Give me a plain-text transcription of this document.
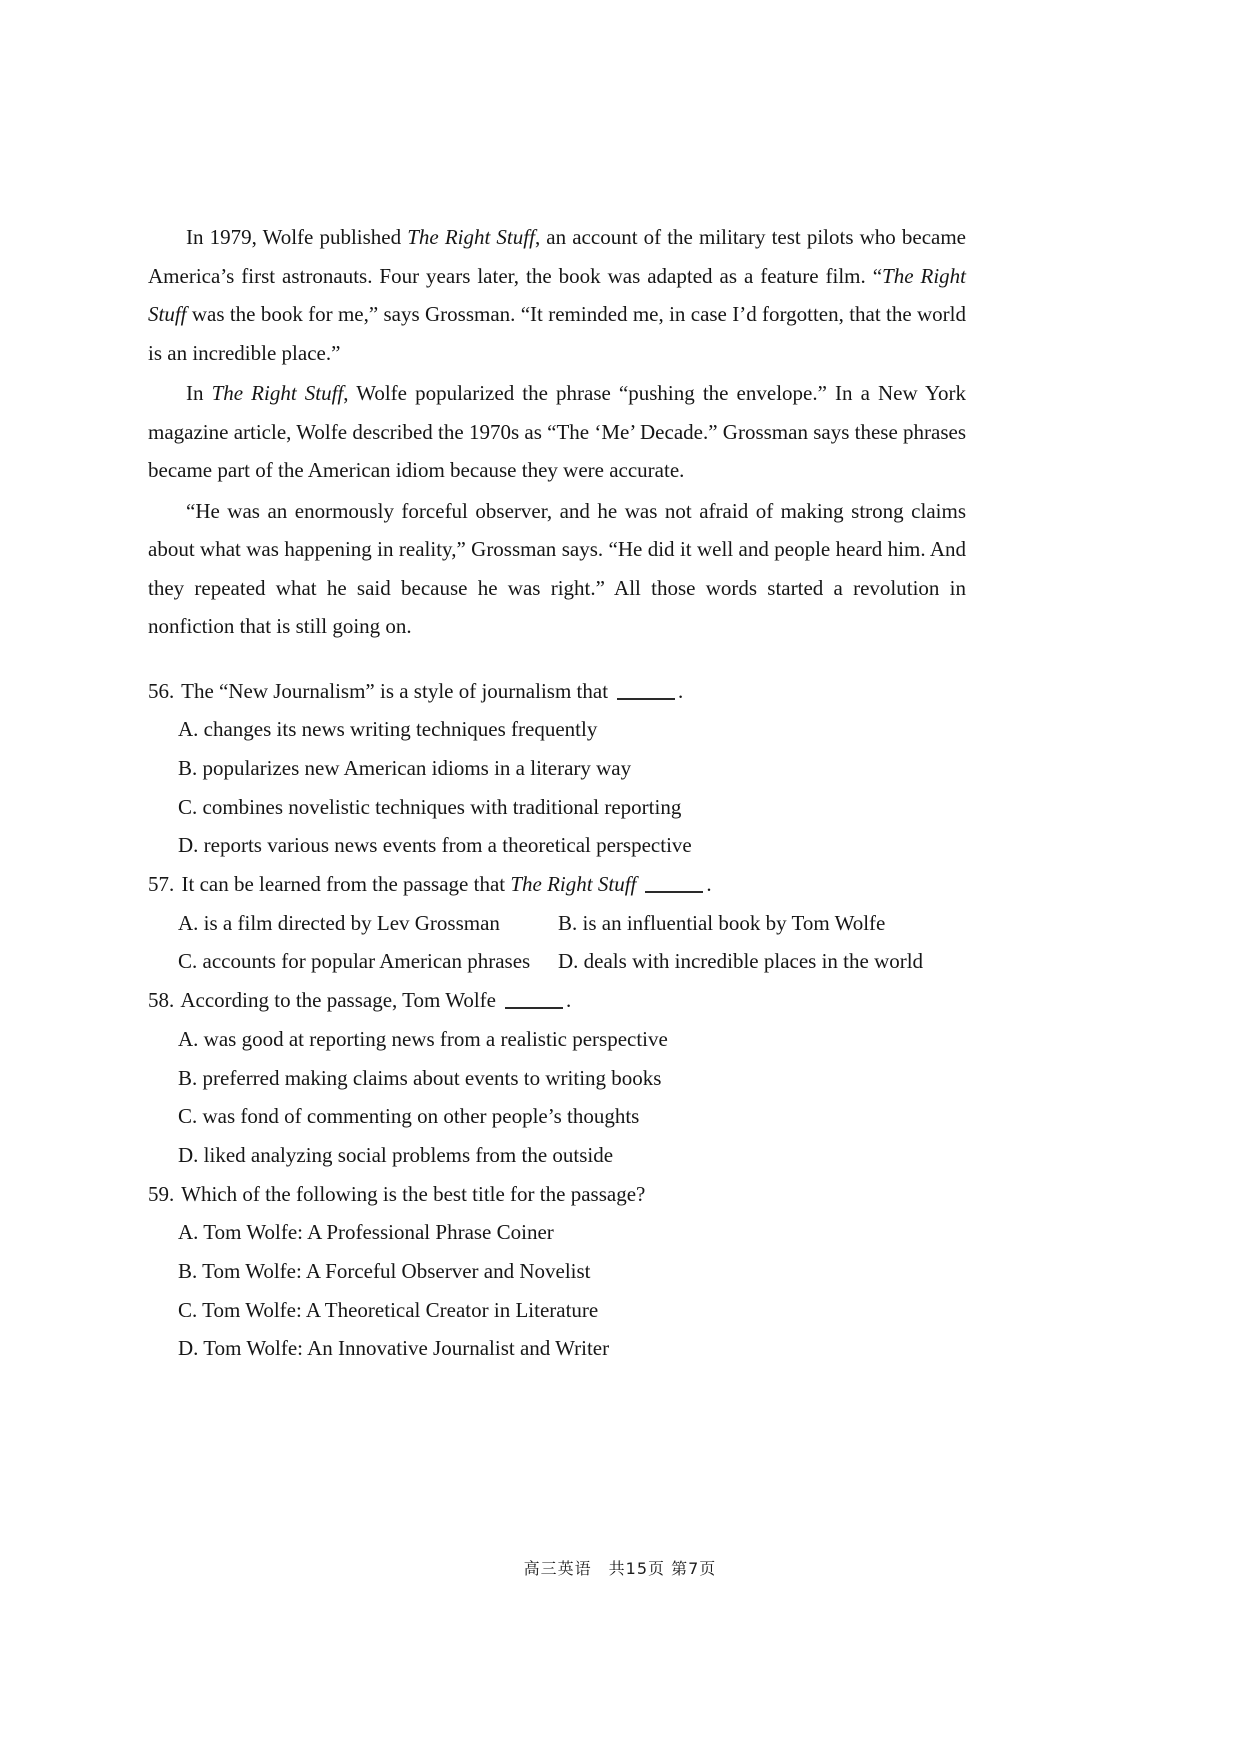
In 1979, Wolfe published The Right Stuff, an account of the military test pilots who became America’s first astronauts. Four years later, the book was adapted as a feature film. “The Right Stuff was the book for me,” says Grossman. “It reminded me, in case I’d forgotten, that the world is an incredible place.”

In The Right Stuff, Wolfe popularized the phrase “pushing the envelope.” In a New York magazine article, Wolfe described the 1970s as “The ‘Me’ Decade.” Grossman says these phrases became part of the American idiom because they were accurate.

“He was an enormously forceful observer, and he was not afraid of making strong claims about what was happening in reality,” Grossman says. “He did it well and people heard him. And they repeated what he said because he was right.” All those words started a revolution in nonfiction that is still going on.

56. The “New Journalism” is a style of journalism that	.
A. changes its news writing techniques frequently
B. popularizes new American idioms in a literary way
C. combines novelistic techniques with traditional reporting
D. reports various news events from a theoretical perspective
57. It can be learned from the passage that The Right Stuff	.
A. is a film directed by Lev Grossman	B. is an influential book by Tom Wolfe
C. accounts for popular American phrases	D. deals with incredible places in the world
58. According to the passage, Tom Wolfe	.
A. was good at reporting news from a realistic perspective
B. preferred making claims about events to writing books
C. was fond of commenting on other people’s thoughts
D. liked analyzing social problems from the outside
59. Which of the following is the best title for the passage?
A. Tom Wolfe: A Professional Phrase Coiner
B. Tom Wolfe: A Forceful Observer and Novelist
C. Tom Wolfe: A Theoretical Creator in Literature
D. Tom Wolfe: An Innovative Journalist and Writer
高三英语　共15页 第7页
